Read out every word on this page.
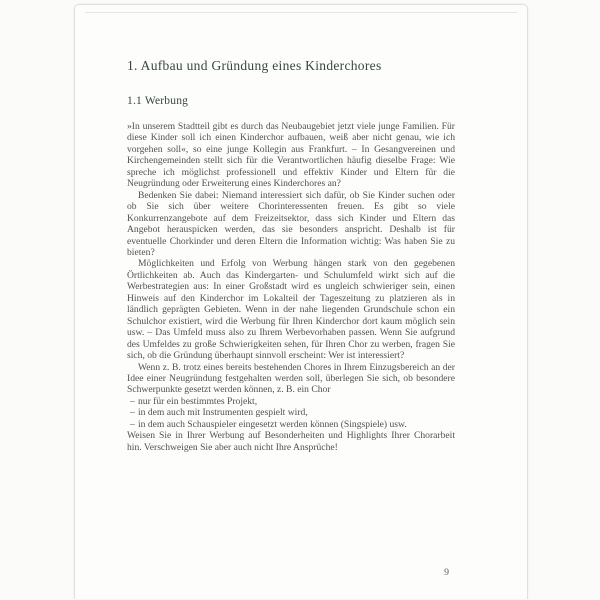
1. Aufbau und Gründung eines Kinderchores
1.1 Werbung

»In unserem Stadtteil gibt es durch das Neubaugebiet jetzt viele junge Familien. Für diese Kinder soll ich einen Kinderchor aufbauen, weiß aber nicht genau, wie ich vorgehen soll«, so eine junge Kollegin aus Frankfurt. – In Gesangvereinen und Kirchengemeinden stellt sich für die Verantwortlichen häufig dieselbe Frage: Wie spreche ich möglichst professionell und effektiv Kinder und Eltern für die Neugründung oder Erweiterung eines Kinderchores an?

Bedenken Sie dabei: Niemand interessiert sich dafür, ob Sie Kinder suchen oder ob Sie sich über weitere Chorinteressenten freuen. Es gibt so viele Konkurrenzangebote auf dem Freizeitsektor, dass sich Kinder und Eltern das Angebot herauspicken werden, das sie besonders anspricht. Deshalb ist für eventuelle Chorkinder und deren Eltern die Information wichtig: Was haben Sie zu bieten?

Möglichkeiten und Erfolg von Werbung hängen stark von den gegebenen Örtlichkeiten ab. Auch das Kindergarten- und Schulumfeld wirkt sich auf die Werbestrategien aus: In einer Großstadt wird es ungleich schwieriger sein, einen Hinweis auf den Kinderchor im Lokalteil der Tageszeitung zu platzieren als in ländlich geprägten Gebieten. Wenn in der nahe liegenden Grundschule schon ein Schulchor existiert, wird die Werbung für Ihren Kinderchor dort kaum möglich sein usw. – Das Umfeld muss also zu Ihrem Werbevorhaben passen. Wenn Sie aufgrund des Umfeldes zu große Schwierigkeiten sehen, für Ihren Chor zu werben, fragen Sie sich, ob die Gründung überhaupt sinnvoll erscheint: Wer ist interessiert?

Wenn z. B. trotz eines bereits bestehenden Chores in Ihrem Einzugsbereich an der Idee einer Neugründung festgehalten werden soll, überlegen Sie sich, ob besondere Schwerpunkte gesetzt werden können, z. B. ein Chor

– nur für ein bestimmtes Projekt,
– in dem auch mit Instrumenten gespielt wird,
– in dem auch Schauspieler eingesetzt werden können (Singspiele) usw.

Weisen Sie in Ihrer Werbung auf Besonderheiten und Highlights Ihrer Chorarbeit hin. Verschweigen Sie aber auch nicht Ihre Ansprüche!

9
